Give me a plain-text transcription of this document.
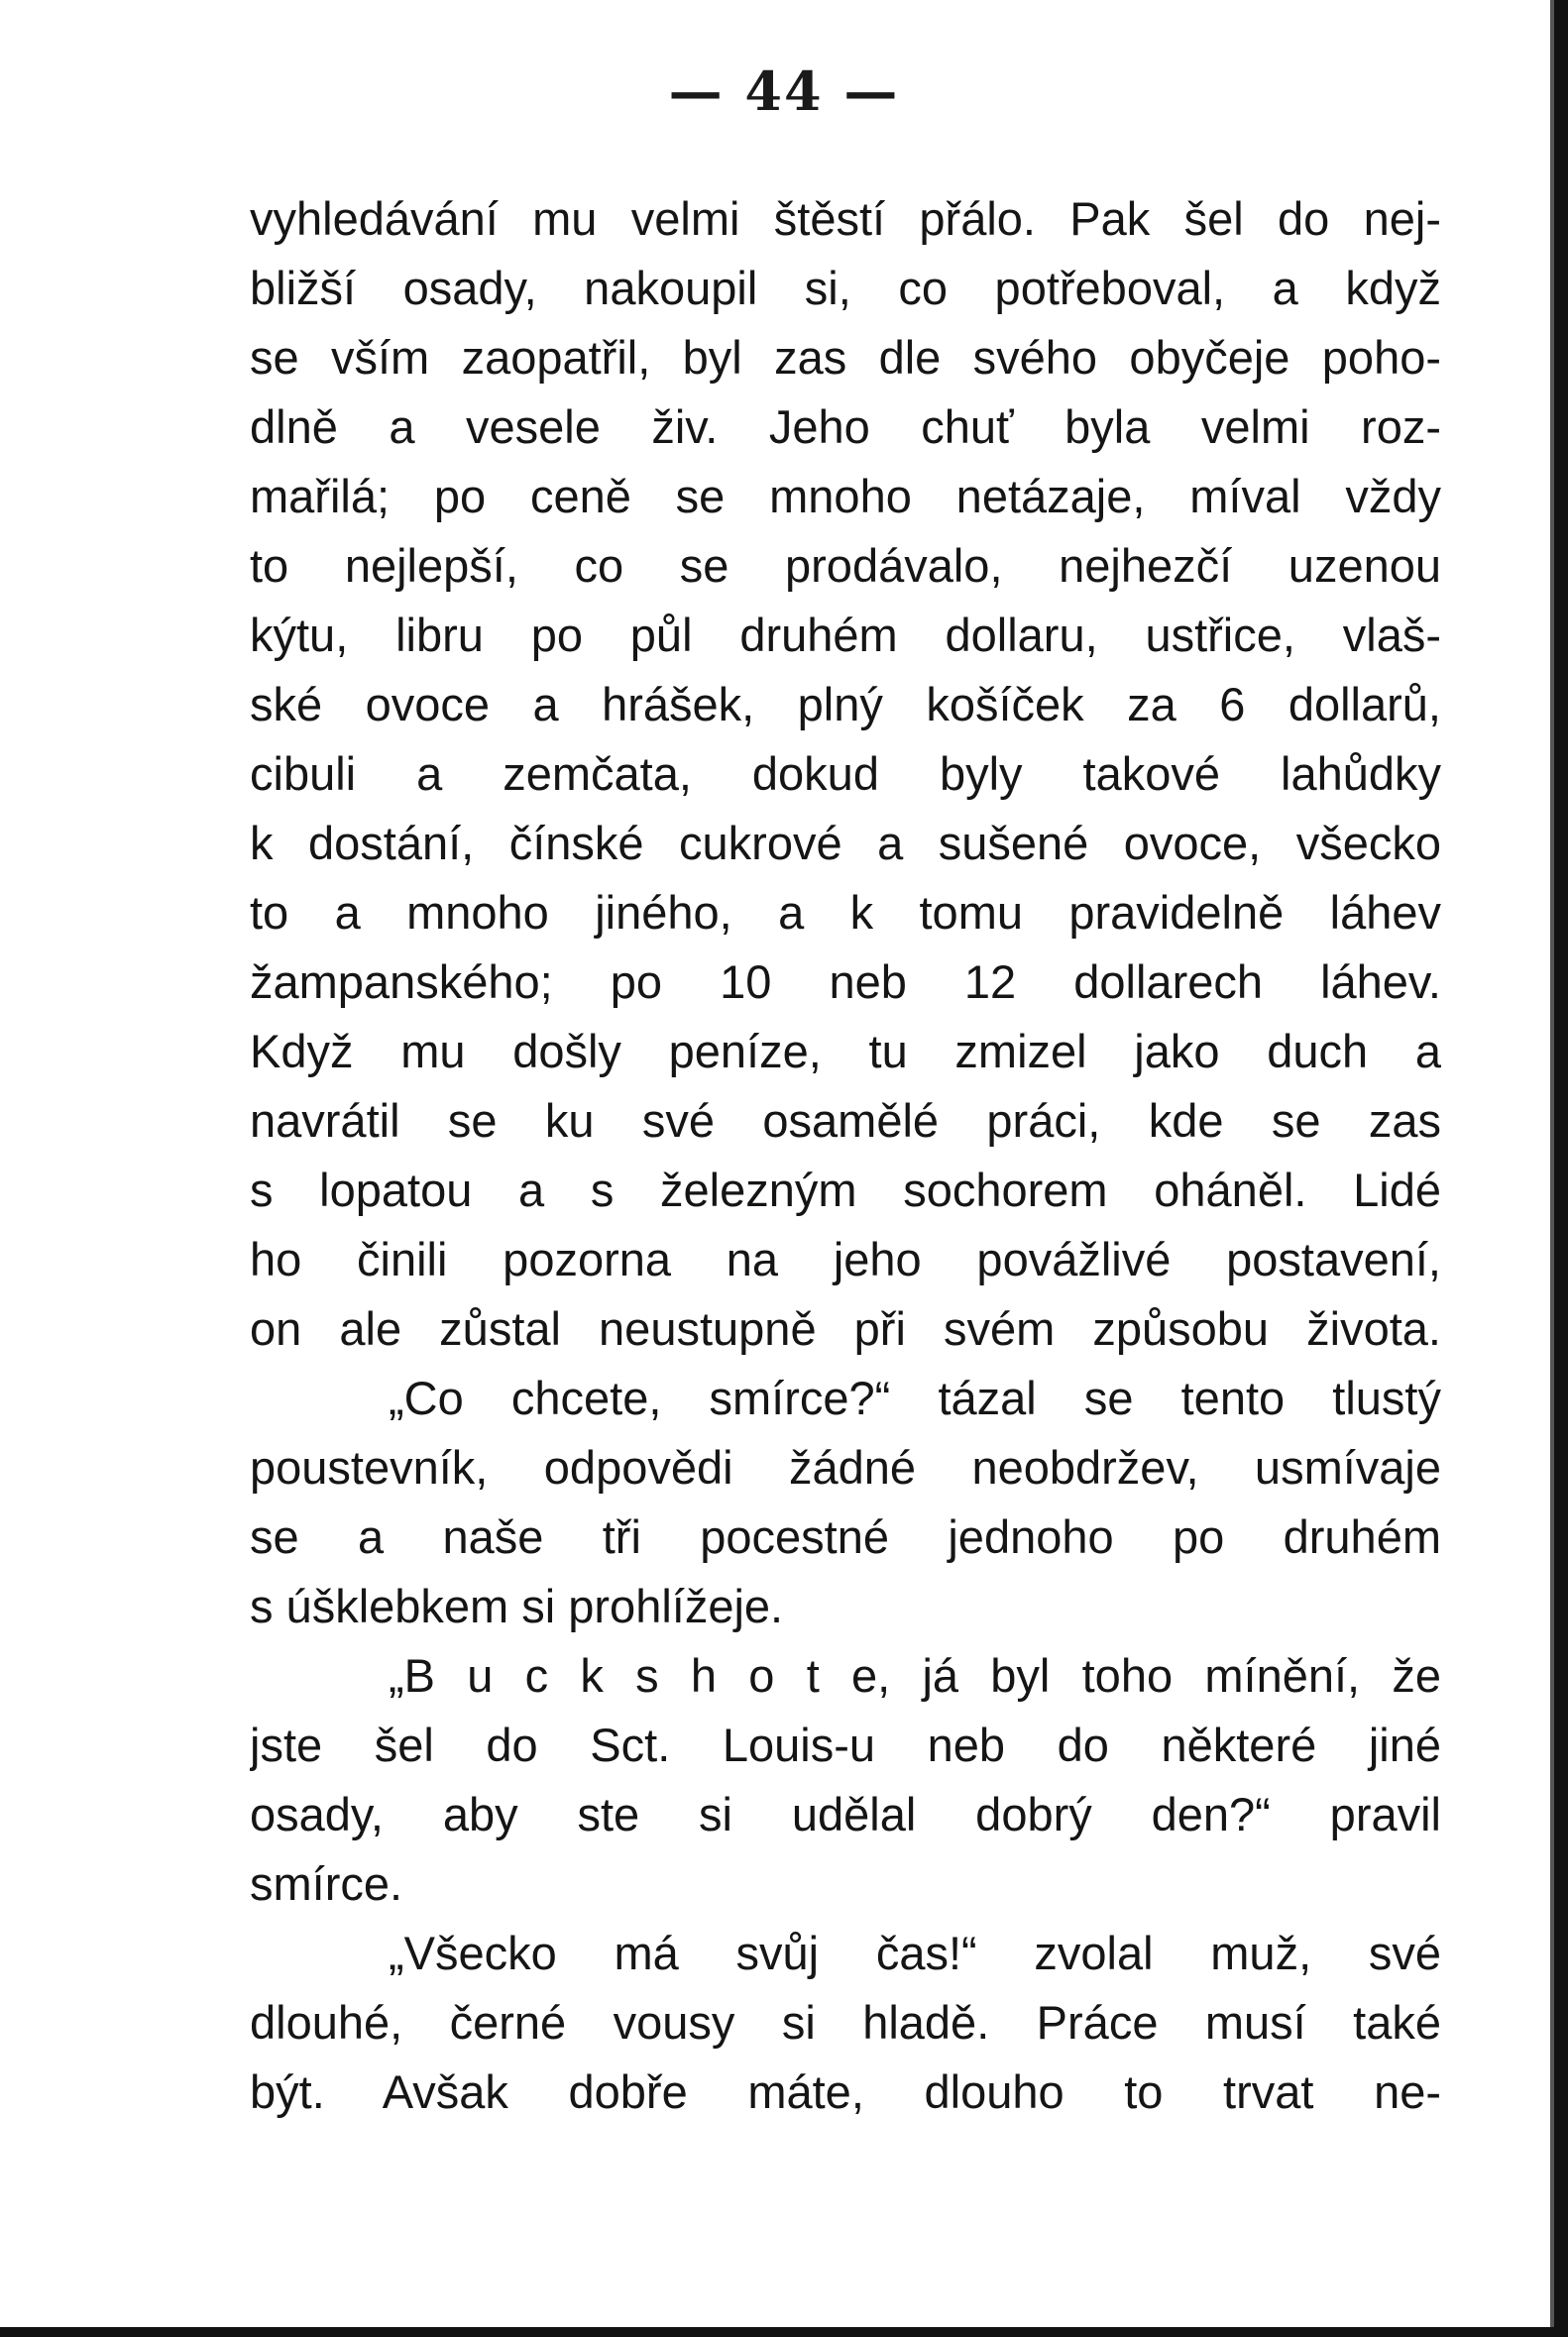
— 44 —
vyhledávání mu velmi štěstí přálo. Pak šel do nej-
bližší osady, nakoupil si, co potřeboval, a když
se vším zaopatřil, byl zas dle svého obyčeje poho-
dlně a vesele živ. Jeho chuť byla velmi roz-
mařilá; po ceně se mnoho netázaje, míval vždy
to nejlepší, co se prodávalo, nejhezčí uzenou
kýtu, libru po půl druhém dollaru, ustřice, vlaš-
ské ovoce a hrášek, plný košíček za 6 dollarů,
cibuli a zemčata, dokud byly takové lahůdky
k dostání, čínské cukrové a sušené ovoce, všecko
to a mnoho jiného, a k tomu pravidelně láhev
žampanského; po 10 neb 12 dollarech láhev.
Když mu došly peníze, tu zmizel jako duch a
navrátil se ku své osamělé práci, kde se zas
s lopatou a s železným sochorem oháněl. Lidé
ho činili pozorna na jeho povážlivé postavení,
on ale zůstal neustupně při svém způsobu života.
„Co chcete, smírce?“ tázal se tento tlustý
poustevník, odpovědi žádné neobdržev, usmívaje
se a naše tři pocestné jednoho po druhém
s úšklebkem si prohlížeje.
„B u c k s h o t e, já byl toho mínění, že
jste šel do Sct. Louis-u neb do některé jiné
osady, aby ste si udělal dobrý den?“ pravil
smírce.
„Všecko má svůj čas!“ zvolal muž, své
dlouhé, černé vousy si hladě. Práce musí také
být. Avšak dobře máte, dlouho to trvat ne-
